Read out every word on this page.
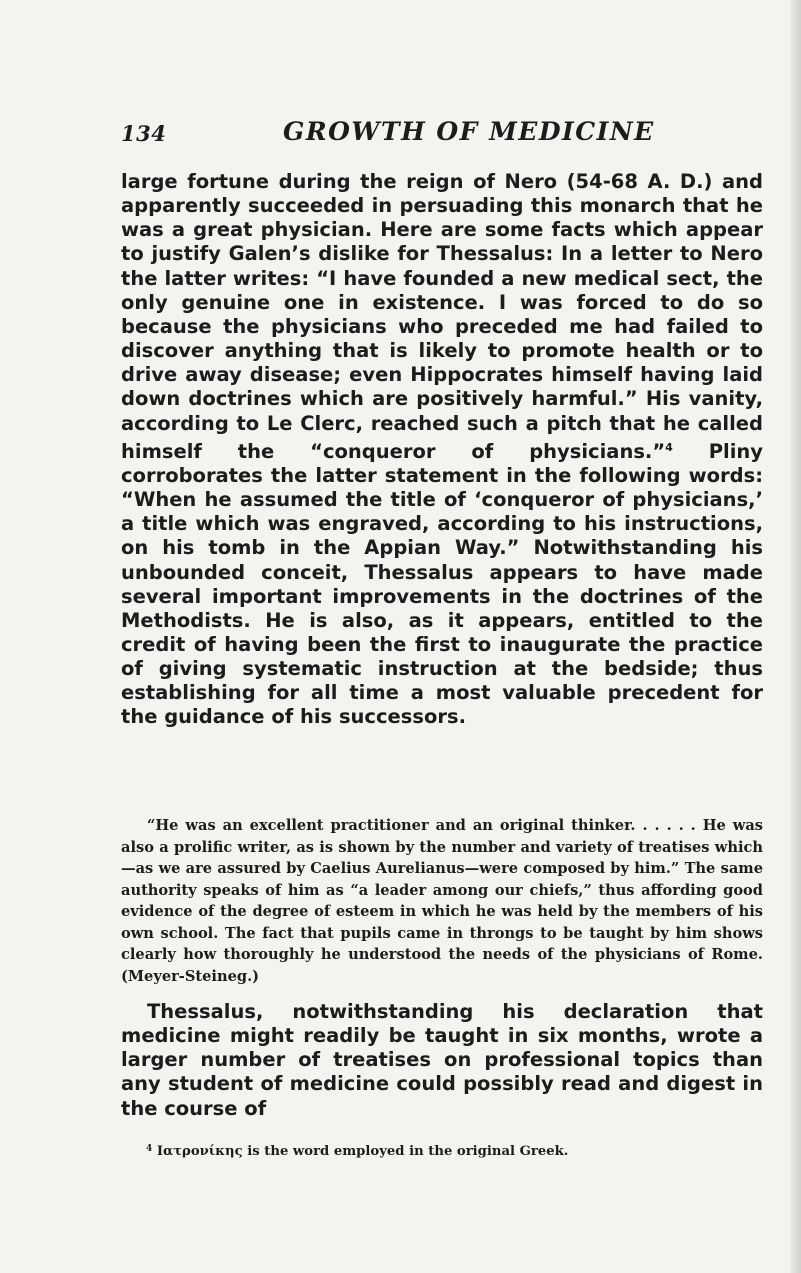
134	GROWTH OF MEDICINE

large fortune during the reign of Nero (54-68 A. D.) and apparently succeeded in persuading this monarch that he was a great physician. Here are some facts which appear to justify Galen’s dislike for Thessalus: In a letter to Nero the latter writes: “I have founded a new medical sect, the only genuine one in existence. I was forced to do so because the physicians who preceded me had failed to discover anything that is likely to promote health or to drive away disease; even Hippocrates himself having laid down doctrines which are positively harmful.” His vanity, according to Le Clerc, reached such a pitch that he called himself the “conqueror of physicians.”$^4$ Pliny corroborates the latter statement in the following words: “When he assumed the title of ‘conqueror of physicians,’ a title which was engraved, according to his instructions, on his tomb in the Appian Way.” Notwithstanding his unbounded conceit, Thessalus appears to have made several important improvements in the doctrines of the Methodists. He is also, as it appears, entitled to the credit of having been the first to inaugurate the practice of giving systematic instruction at the bedside; thus establishing for all time a most valuable precedent for the guidance of his successors.

“He was an excellent practitioner and an original thinker. . . . . . He was also a prolific writer, as is shown by the number and variety of treatises which—as we are assured by Caelius Aurelianus—were composed by him.” The same authority speaks of him as “a leader among our chiefs,” thus affording good evidence of the degree of esteem in which he was held by the members of his own school. The fact that pupils came in throngs to be taught by him shows clearly how thoroughly he understood the needs of the physicians of Rome. (Meyer-Steineg.)

Thessalus, notwithstanding his declaration that medicine might readily be taught in six months, wrote a larger number of treatises on professional topics than any student of medicine could possibly read and digest in the course of

$^4$ Ιατρονίκης is the word employed in the original Greek.
